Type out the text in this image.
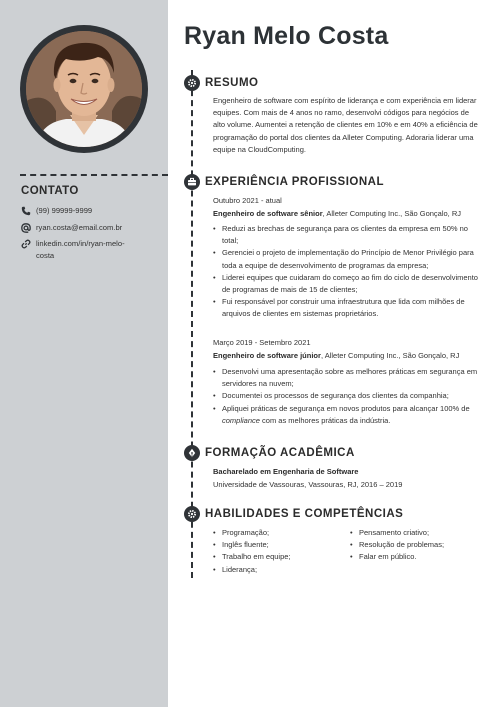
CONTATO
(99) 99999-9999
ryan.costa@email.com.br
linkedin.com/in/ryan-melo-costa
Ryan Melo Costa
RESUMO
Engenheiro de software com espírito de liderança e com experiência em liderar equipes. Com mais de 4 anos no ramo, desenvolvi códigos para negócios de alto volume. Aumentei a retenção de clientes em 10% e em 40% a eficiência de programação do portal dos clientes da Alleter Computing. Adoraria liderar uma equipe na CloudComputing.
EXPERIÊNCIA PROFISSIONAL
Outubro 2021 - atual
Engenheiro de software sênior, Alleter Computing Inc., São Gonçalo, RJ
• Reduzi as brechas de segurança para os clientes da empresa em 50% no total;
• Gerenciei o projeto de implementação do Princípio de Menor Privilégio para toda a equipe de desenvolvimento de programas da empresa;
• Liderei equipes que cuidaram do começo ao fim do ciclo de desenvolvimento de programas de mais de 15 de clientes;
• Fui responsável por construir uma infraestrutura que lida com milhões de arquivos de clientes em sistemas proprietários.
Março 2019 - Setembro 2021
Engenheiro de software júnior, Alleter Computing Inc., São Gonçalo, RJ
• Desenvolvi uma apresentação sobre as melhores práticas em segurança em servidores na nuvem;
• Documentei os processos de segurança dos clientes da companhia;
• Apliquei práticas de segurança em novos produtos para alcançar 100% de compliance com as melhores práticas da indústria.
FORMAÇÃO ACADÊMICA
Bacharelado em Engenharia de Software
Universidade de Vassouras, Vassouras, RJ, 2016 – 2019
HABILIDADES E COMPETÊNCIAS
• Programação;
• Inglês fluente;
• Trabalho em equipe;
• Liderança;
• Pensamento criativo;
• Resolução de problemas;
• Falar em público.
